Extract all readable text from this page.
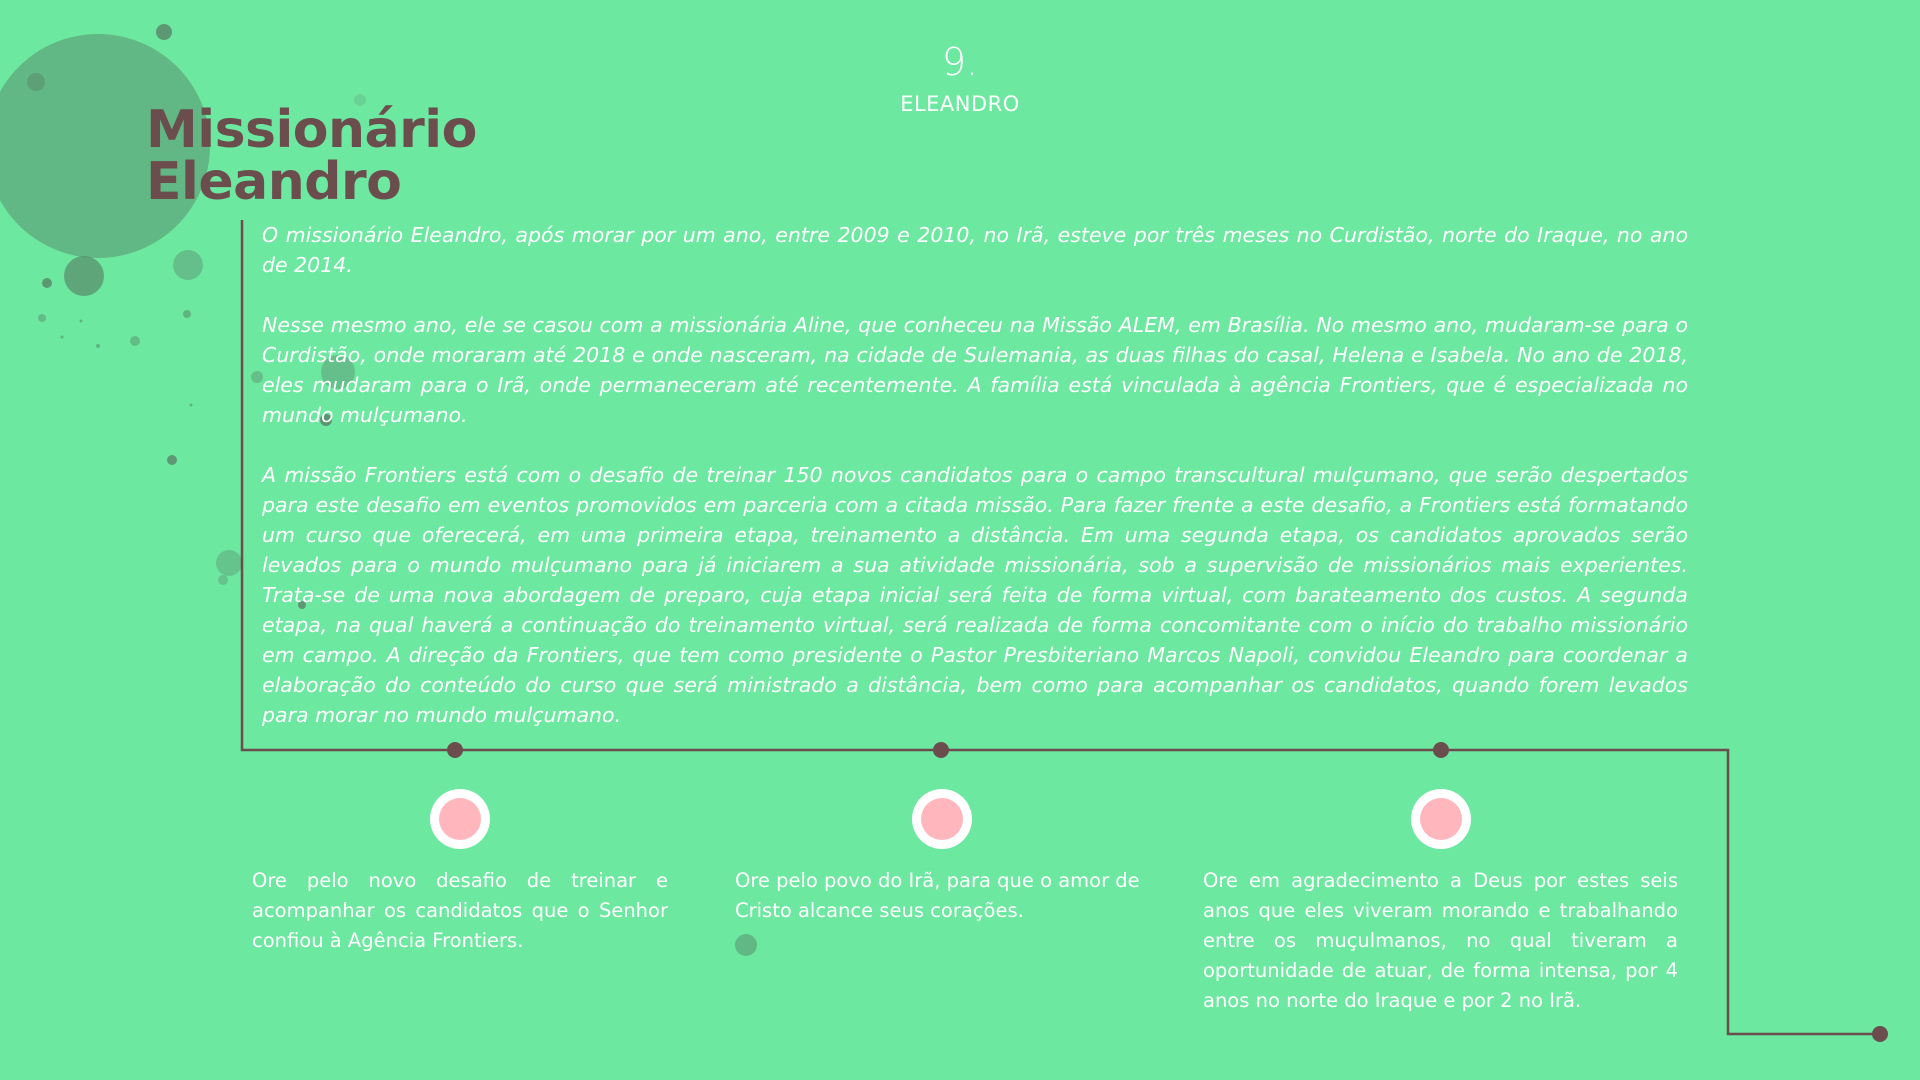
9.
ELEANDRO
Missionário
Eleandro

O missionário Eleandro, após morar por um ano, entre 2009 e 2010, no Irã, esteve por três meses no Curdistão, norte do Iraque, no ano de 2014.

Nesse mesmo ano, ele se casou com a missionária Aline, que conheceu na Missão ALEM, em Brasília. No mesmo ano, mudaram-se para o Curdistão, onde moraram até 2018 e onde nasceram, na cidade de Sulemania, as duas filhas do casal, Helena e Isabela. No ano de 2018, eles mudaram para o Irã, onde permaneceram até recentemente. A família está vinculada à agência Frontiers, que é especializada no mundo mulçumano.

A missão Frontiers está com o desafio de treinar 150 novos candidatos para o campo transcultural mulçumano, que serão despertados para este desafio em eventos promovidos em parceria com a citada missão. Para fazer frente a este desafio, a Frontiers está formatando um curso que oferecerá, em uma primeira etapa, treinamento a distância. Em uma segunda etapa, os candidatos aprovados serão levados para o mundo mulçumano para já iniciarem a sua atividade missionária, sob a supervisão de missionários mais experientes. Trata-se de uma nova abordagem de preparo, cuja etapa inicial será feita de forma virtual, com barateamento dos custos. A segunda etapa, na qual haverá a continuação do treinamento virtual, será realizada de forma concomitante com o início do trabalho missionário em campo. A direção da Frontiers, que tem como presidente o Pastor Presbiteriano Marcos Napoli, convidou Eleandro para coordenar a elaboração do conteúdo do curso que será ministrado a distância, bem como para acompanhar os candidatos, quando forem levados para morar no mundo mulçumano.

Ore pelo novo desafio de treinar e acompanhar os candidatos que o Senhor confiou à Agência Frontiers.

Ore pelo povo do Irã, para que o amor de Cristo alcance seus corações.

Ore em agradecimento a Deus por estes seis anos que eles viveram morando e trabalhando entre os muçulmanos, no qual tiveram a oportunidade de atuar, de forma intensa, por 4 anos no norte do Iraque e por 2 no Irã.
